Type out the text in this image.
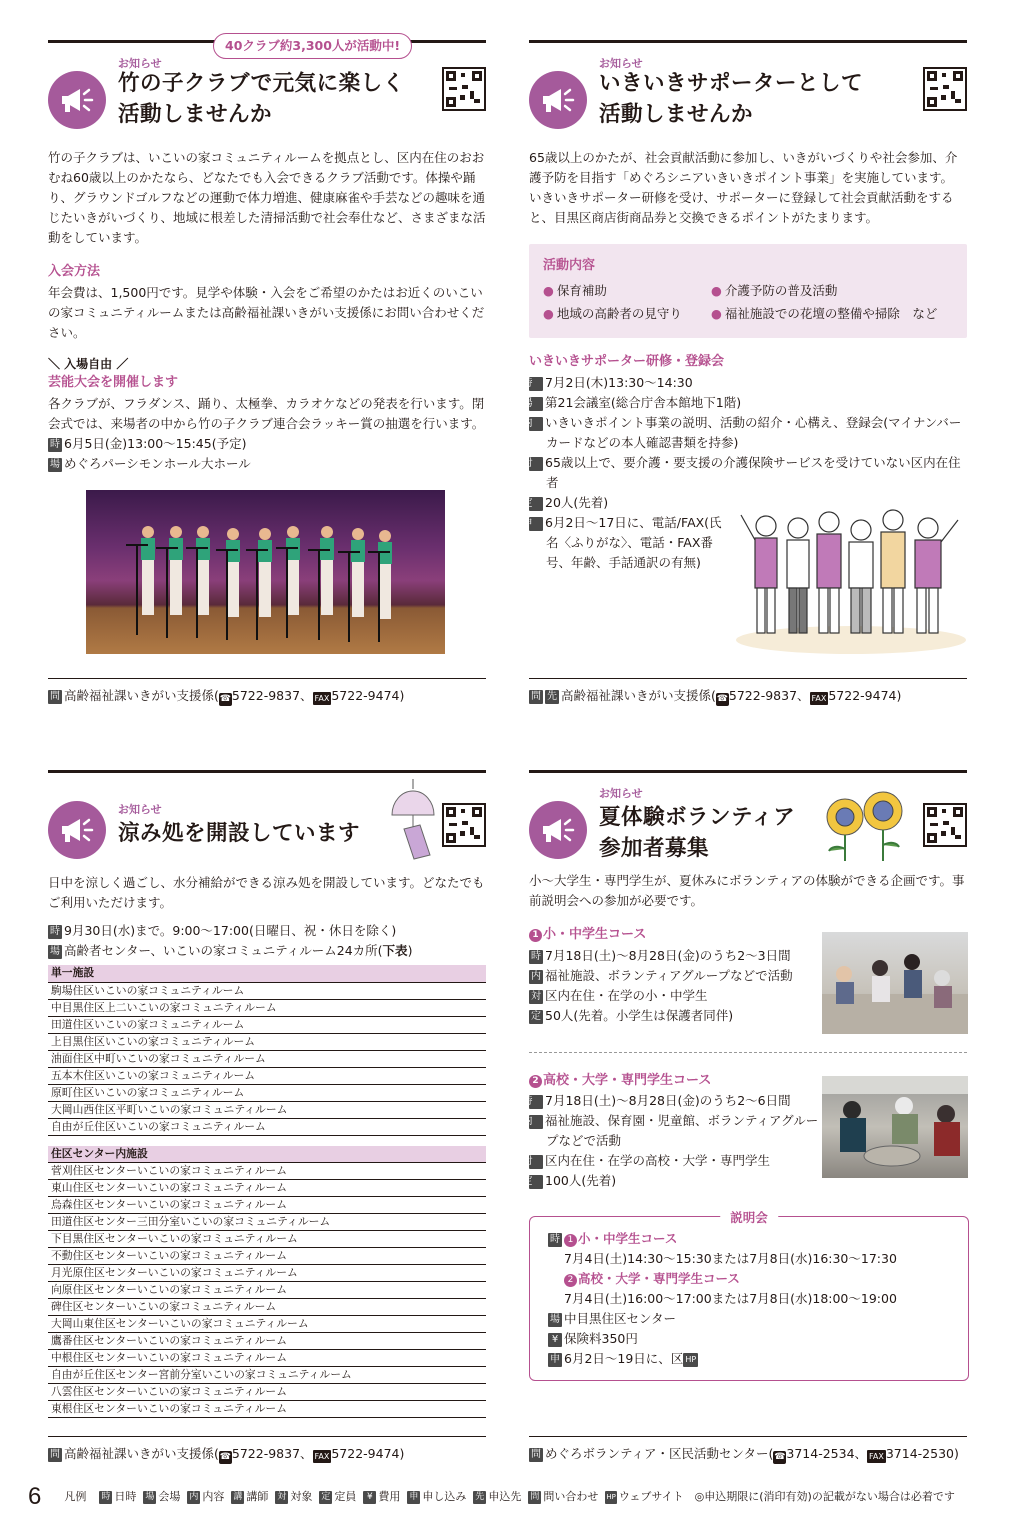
40クラブ約3,300人が活動中!
お知らせ
竹の子クラブで元気に楽しく
活動しませんか
竹の子クラブは、いこいの家コミュニティルームを拠点とし、区内在住のおおむね60歳以上のかたなら、どなたでも入会できるクラブ活動です。体操や踊り、グラウンドゴルフなどの運動で体力増進、健康麻雀や手芸などの趣味を通じたいきがいづくり、地域に根差した清掃活動で社会奉仕など、さまざまな活動をしています。
入会方法
年会費は、1,500円です。見学や体験・入会をご希望のかたはお近くのいこいの家コミュニティルームまたは高齢福祉課いきがい支援係にお問い合わせください。
＼ 入場自由 ／
芸能大会を開催します
各クラブが、フラダンス、踊り、太極拳、カラオケなどの発表を行います。閉会式では、来場者の中から竹の子クラブ連合会ラッキー賞の抽選を行います。
時 6月5日(金)13:00～15:45(予定)
場 めぐろパーシモンホール大ホール
問 高齢福祉課いきがい支援係(☎5722-9837、 FAX 5722-9474)
お知らせ
いきいきサポーターとして
活動しませんか
65歳以上のかたが、社会貢献活動に参加し、いきがいづくりや社会参加、介護予防を目指す「めぐろシニアいきいきポイント事業」を実施しています。
いきいきサポーター研修を受け、サポーターに登録して社会貢献活動をすると、目黒区商店街商品券と交換できるポイントがたまります。
活動内容
● 保育補助	● 介護予防の普及活動
● 地域の高齢者の見守り	● 福祉施設での花壇の整備や掃除　など
いきいきサポーター研修・登録会
時 7月2日(木)13:30～14:30
場 第21会議室(総合庁舎本館地下1階)
内 いきいきポイント事業の説明、活動の紹介・心構え、登録会(マイナンバーカードなどの本人確認書類を持参)
対 65歳以上で、要介護・要支援の介護保険サービスを受けていない区内在住者
定 20人(先着)
申 6月2日～17日に、電話/FAX(氏名〈ふりがな〉、電話・FAX番号、年齢、手話通訳の有無)
問 先 高齢福祉課いきがい支援係(☎5722-9837、 FAX 5722-9474)
お知らせ
涼み処を開設しています
日中を涼しく過ごし、水分補給ができる涼み処を開設しています。どなたでもご利用いただけます。
時 9月30日(水)まで。9:00～17:00(日曜日、祝・休日を除く)
場 高齢者センター、いこいの家コミュニティルーム24カ所(下表)
単一施設
駒場住区いこいの家コミュニティルーム
中目黒住区上二いこいの家コミュニティルーム
田道住区いこいの家コミュニティルーム
上目黒住区いこいの家コミュニティルーム
油面住区中町いこいの家コミュニティルーム
五本木住区いこいの家コミュニティルーム
原町住区いこいの家コミュニティルーム
大岡山西住区平町いこいの家コミュニティルーム
自由が丘住区いこいの家コミュニティルーム
住区センター内施設
菅刈住区センターいこいの家コミュニティルーム
東山住区センターいこいの家コミュニティルーム
烏森住区センターいこいの家コミュニティルーム
田道住区センター三田分室いこいの家コミュニティルーム
下目黒住区センターいこいの家コミュニティルーム
不動住区センターいこいの家コミュニティルーム
月光原住区センターいこいの家コミュニティルーム
向原住区センターいこいの家コミュニティルーム
碑住区センターいこいの家コミュニティルーム
大岡山東住区センターいこいの家コミュニティルーム
鷹番住区センターいこいの家コミュニティルーム
中根住区センターいこいの家コミュニティルーム
自由が丘住区センター宮前分室いこいの家コミュニティルーム
八雲住区センターいこいの家コミュニティルーム
東根住区センターいこいの家コミュニティルーム
問 高齢福祉課いきがい支援係(☎5722-9837、 FAX 5722-9474)
お知らせ
夏体験ボランティア
参加者募集
小～大学生・専門学生が、夏休みにボランティアの体験ができる企画です。事前説明会への参加が必要です。
1 小・中学生コース
時 7月18日(土)～8月28日(金)のうち2～3日間
内 福祉施設、ボランティアグループなどで活動
対 区内在住・在学の小・中学生
定 50人(先着。小学生は保護者同伴)
2 高校・大学・専門学生コース
時 7月18日(土)～8月28日(金)のうち2～6日間
内 福祉施設、保育園・児童館、ボランティアグループなどで活動
対 区内在住・在学の高校・大学・専門学生
定 100人(先着)
説明会
時 1 小・中学生コース
7月4日(土)14:30～15:30または7月8日(水)16:30～17:30
2 高校・大学・専門学生コース
7月4日(土)16:00～17:00または7月8日(水)18:00～19:00
場 中目黒住区センター
¥ 保険料350円
申 6月2日～19日に、区 HP
問 めぐろボランティア・区民活動センター(☎3714-2534、 FAX 3714-2530)
6 凡例 時 日時 場 会場 内 内容 講 講師 対 対象 定 定員	¥ 費用 申 申し込み 先 申込先 問 問い合わせ HP ウェブサイト ◎申込期限に(消印有効)の記載がない場合は必着です
